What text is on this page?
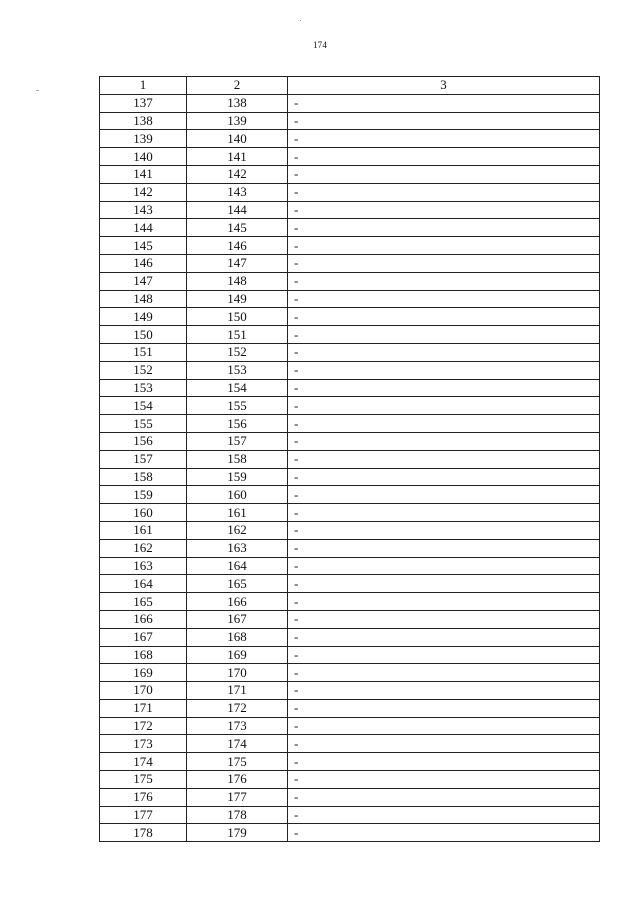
174
1	2	3
137	138	-
138	139	-
139	140	-
140	141	-
141	142	-
142	143	-
143	144	-
144	145	-
145	146	-
146	147	-
147	148	-
148	149	-
149	150	-
150	151	-
151	152	-
152	153	-
153	154	-
154	155	-
155	156	-
156	157	-
157	158	-
158	159	-
159	160	-
160	161	-
161	162	-
162	163	-
163	164	-
164	165	-
165	166	-
166	167	-
167	168	-
168	169	-
169	170	-
170	171	-
171	172	-
172	173	-
173	174	-
174	175	-
175	176	-
176	177	-
177	178	-
178	179	-
